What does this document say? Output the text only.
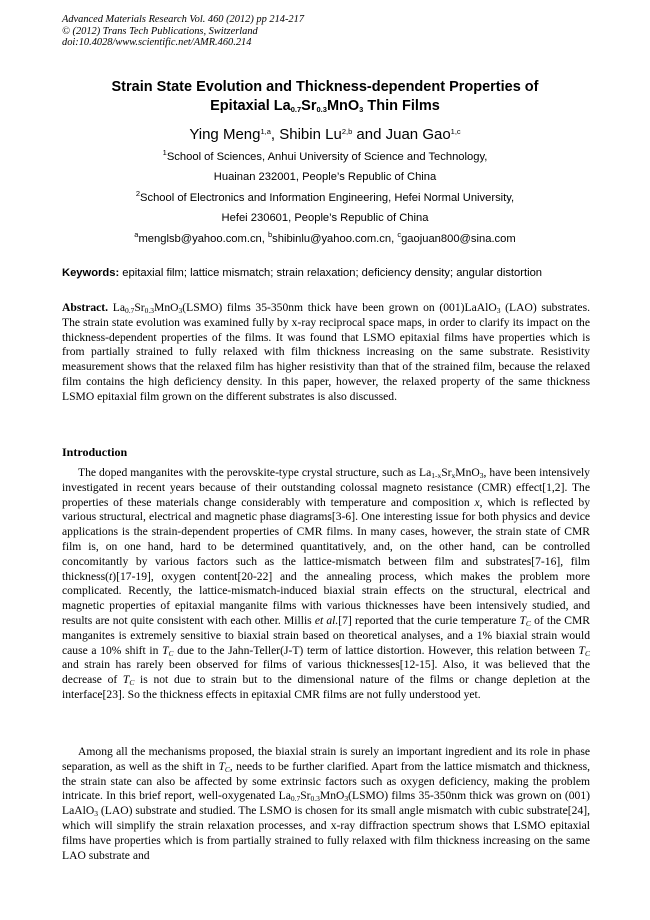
Advanced Materials Research Vol. 460 (2012) pp 214-217
© (2012) Trans Tech Publications, Switzerland
doi:10.4028/www.scientific.net/AMR.460.214
Strain State Evolution and Thickness-dependent Properties of
Epitaxial $La_{0.7}Sr_{0.3}MnO_3$ Thin Films
Ying Meng$^{1,a}$, Shibin Lu$^{2,b}$ and Juan Gao$^{1,c}$
$^1$School of Sciences, Anhui University of Science and Technology,
Huainan 232001, People’s Republic of China
$^2$School of Electronics and Information Engineering, Hefei Normal University,
Hefei 230601, People’s Republic of China
$^a$menglsb@yahoo.com.cn, $^b$shibinlu@yahoo.com.cn, $^c$gaojuan800@sina.com
Keywords: epitaxial film; lattice mismatch; strain relaxation; deficiency density; angular distortion
Abstract. $La_{0.7}Sr_{0.3}MnO_3(LSMO)$ films 35-350nm thick have been grown on (001)LaAlO$_3$ (LAO) substrates. The strain state evolution was examined fully by x-ray reciprocal space maps, in order to clarify its impact on the thickness-dependent properties of the films. It was found that LSMO epitaxial films have properties which is from partially strained to fully relaxed with film thickness increasing on the same substrate. Resistivity measurement shows that the relaxed film has higher resistivity than that of the strained film, because the relaxed film contains the high deficiency density. In this paper, however, the relaxed property of the same thickness LSMO epitaxial film grown on the different substrates is also discussed.
Introduction
The doped manganites with the perovskite-type crystal structure, such as $La_{1-x}Sr_xMnO_3$, have been intensively investigated in recent years because of their outstanding colossal magneto resistance (CMR) effect[1,2]. The properties of these materials change considerably with temperature and composition x, which is reflected by various structural, electrical and magnetic phase diagrams[3-6]. One interesting issue for both physics and device applications is the strain-dependent properties of CMR films. In many cases, however, the strain state of CMR film is, on one hand, hard to be determined quantitatively, and, on the other hand, can be controlled concomitantly by various factors such as the lattice-mismatch between film and substrates[7-16], film thickness(t)[17-19], oxygen content[20-22] and the annealing process, which makes the problem more complicated. Recently, the lattice-mismatch-induced biaxial strain effects on the structural, electrical and magnetic properties of epitaxial manganite films with various thicknesses have been intensively studied, and results are not quite consistent with each other. Millis et al.[7] reported that the curie temperature $T_C$ of the CMR manganites is extremely sensitive to biaxial strain based on theoretical analyses, and a 1% biaxial strain would cause a 10% shift in $T_C$ due to the Jahn-Teller(J-T) term of lattice distortion. However, this relation between $T_C$ and strain has rarely been observed for films of various thicknesses[12-15]. Also, it was believed that the decrease of $T_C$ is not due to strain but to the dimensional nature of the films or change depletion at the interface[23]. So the thickness effects in epitaxial CMR films are not fully understood yet.
Among all the mechanisms proposed, the biaxial strain is surely an important ingredient and its role in phase separation, as well as the shift in $T_C$, needs to be further clarified. Apart from the lattice mismatch and thickness, the strain state can also be affected by some extrinsic factors such as oxygen deficiency, making the problem intricate. In this brief report, well-oxygenated $La_{0.7}Sr_{0.3}MnO_3(LSMO)$ films 35-350nm thick was grown on (001) LaAlO$_3$ (LAO) substrate and studied. The LSMO is chosen for its small angle mismatch with cubic substrate[24], which will simplify the strain relaxation processes, and x-ray diffraction spectrum shows that LSMO epitaxial films have properties which is from partially strained to fully relaxed with film thickness increasing on the same LAO substrate and
